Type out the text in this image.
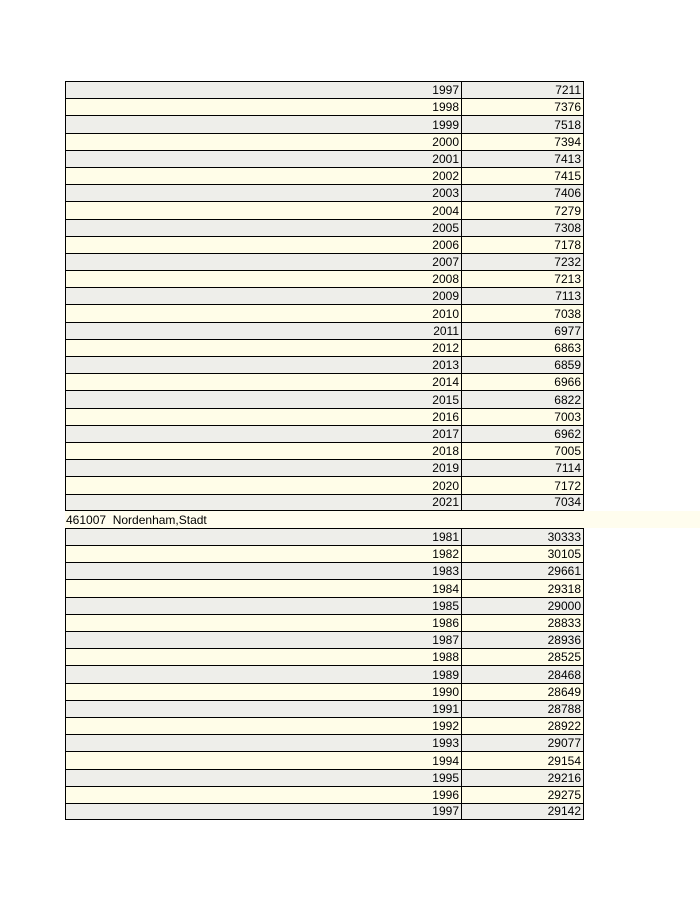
1997	7211
1998	7376
1999	7518
2000	7394
2001	7413
2002	7415
2003	7406
2004	7279
2005	7308
2006	7178
2007	7232
2008	7213
2009	7113
2010	7038
2011	6977
2012	6863
2013	6859
2014	6966
2015	6822
2016	7003
2017	6962
2018	7005
2019	7114
2020	7172
2021	7034
461007  Nordenham,Stadt
1981	30333
1982	30105
1983	29661
1984	29318
1985	29000
1986	28833
1987	28936
1988	28525
1989	28468
1990	28649
1991	28788
1992	28922
1993	29077
1994	29154
1995	29216
1996	29275
1997	29142
